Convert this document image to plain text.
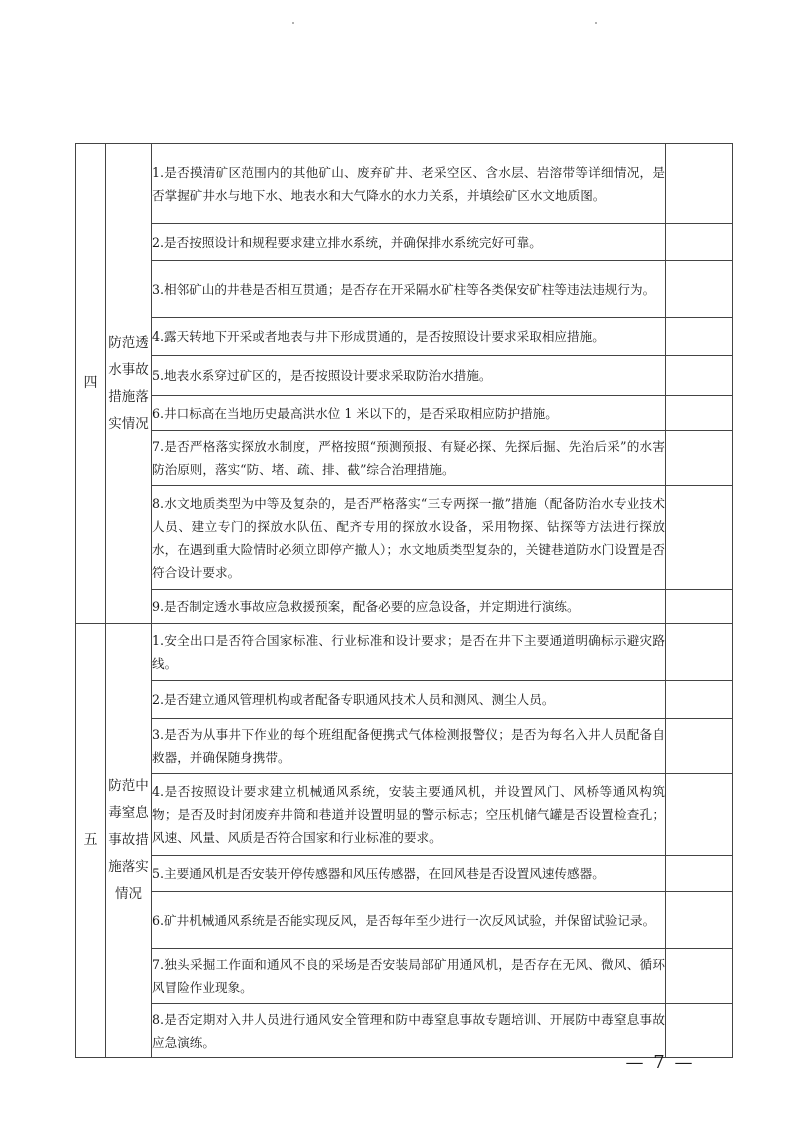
四	防范透水事故措施落实情况	1.是否摸清矿区范围内的其他矿山、废弃矿井、老采空区、含水层、岩溶带等详细情况，是否掌握矿井水与地下水、地表水和大气降水的水力关系，并填绘矿区水文地质图。	
		2.是否按照设计和规程要求建立排水系统，并确保排水系统完好可靠。	
		3.相邻矿山的井巷是否相互贯通；是否存在开采隔水矿柱等各类保安矿柱等违法违规行为。	
		4.露天转地下开采或者地表与井下形成贯通的，是否按照设计要求采取相应措施。	
		5.地表水系穿过矿区的，是否按照设计要求采取防治水措施。	
		6.井口标高在当地历史最高洪水位 1 米以下的，是否采取相应防护措施。	
		7.是否严格落实探放水制度，严格按照“预测预报、有疑必探、先探后掘、先治后采”的水害防治原则，落实“防、堵、疏、排、截”综合治理措施。	
		8.水文地质类型为中等及复杂的，是否严格落实“三专两探一撤”措施（配备防治水专业技术人员、建立专门的探放水队伍、配齐专用的探放水设备，采用物探、钻探等方法进行探放水，在遇到重大险情时必须立即停产撤人）；水文地质类型复杂的，关键巷道防水门设置是否符合设计要求。	
		9.是否制定透水事故应急救援预案，配备必要的应急设备，并定期进行演练。	
五	防范中毒窒息事故措施落实情况	1.安全出口是否符合国家标准、行业标准和设计要求；是否在井下主要通道明确标示避灾路线。	
		2.是否建立通风管理机构或者配备专职通风技术人员和测风、测尘人员。	
		3.是否为从事井下作业的每个班组配备便携式气体检测报警仪；是否为每名入井人员配备自救器，并确保随身携带。	
		4.是否按照设计要求建立机械通风系统，安装主要通风机，并设置风门、风桥等通风构筑物；是否及时封闭废弃井筒和巷道并设置明显的警示标志；空压机储气罐是否设置检查孔；风速、风量、风质是否符合国家和行业标准的要求。	
		5.主要通风机是否安装开停传感器和风压传感器，在回风巷是否设置风速传感器。	
		6.矿井机械通风系统是否能实现反风，是否每年至少进行一次反风试验，并保留试验记录。	
		7.独头采掘工作面和通风不良的采场是否安装局部矿用通风机，是否存在无风、微风、循环风冒险作业现象。	
		8.是否定期对入井人员进行通风安全管理和防中毒窒息事故专题培训、开展防中毒窒息事故应急演练。	
— 7 —
